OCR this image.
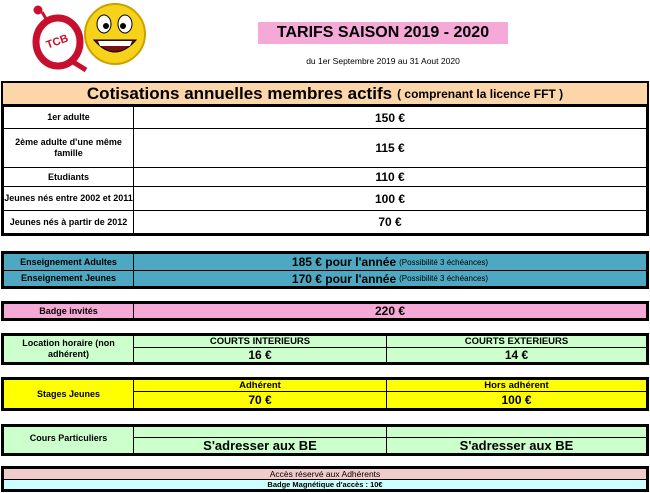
TCB	TARIFS SAISON 2019 - 2020
du 1er Septembre 2019 au 31 Aout 2020
Cotisations annuelles membres actifs ( comprenant la licence FFT )
1er adulte	150 €
2ème adulte d'une même famille	115 €
Etudiants	110 €
Jeunes nés entre 2002 et 2011	100 €
Jeunes nés à partir de 2012	70 €
Enseignement Adultes	185 € pour l'année (Possibilité 3 échéances)
Enseignement Jeunes	170 € pour l'année (Possibilité 3 échéances)
Badge invités	220 €
Location horaire (non adhérent)
COURTS INTERIEURS	COURTS EXTERIEURS
16 €	14 €
Stages Jeunes
Adhérent	Hors adhérent
70 €	100 €
Cours Particuliers	S'adresser aux BE	S'adresser aux BE
Accès réservé aux Adhérents
Badge Magnétique d'accès : 10€
